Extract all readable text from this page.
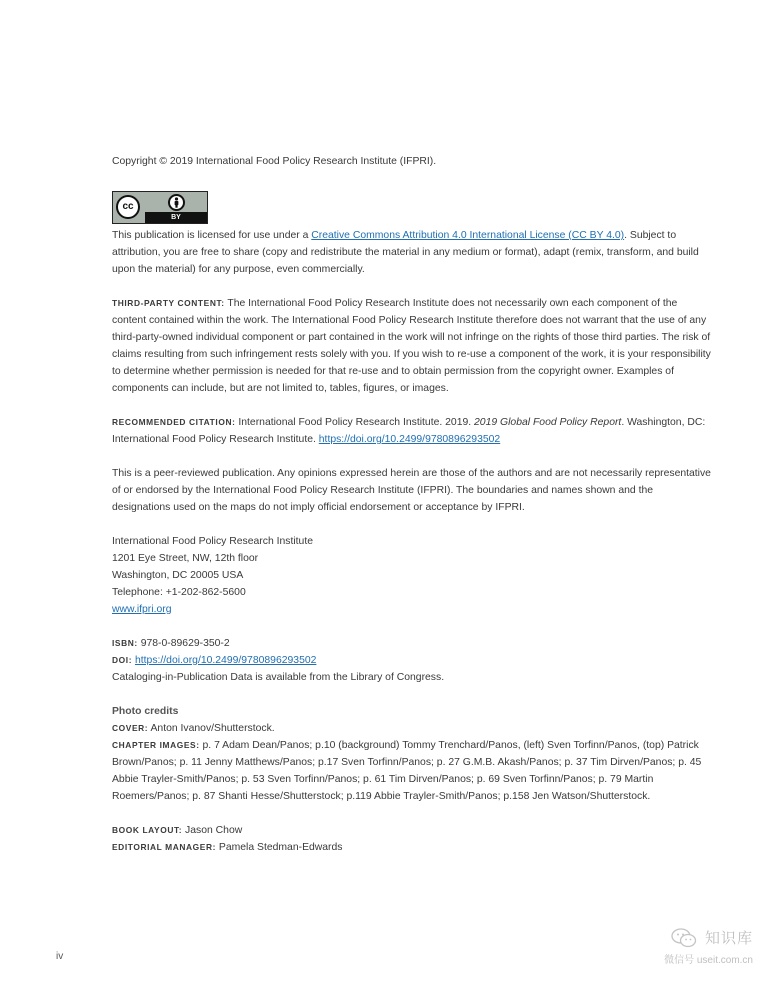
Copyright © 2019 International Food Policy Research Institute (IFPRI).

cc
BY

This publication is licensed for use under a Creative Commons Attribution 4.0 International License (CC BY 4.0). Subject to attribution, you are free to share (copy and redistribute the material in any medium or format), adapt (remix, transform, and build upon the material) for any purpose, even commercially.

THIRD-PARTY CONTENT: The International Food Policy Research Institute does not necessarily own each component of the content contained within the work. The International Food Policy Research Institute therefore does not warrant that the use of any third-party-owned individual component or part contained in the work will not infringe on the rights of those third parties. The risk of claims resulting from such infringement rests solely with you. If you wish to re-use a component of the work, it is your responsibility to determine whether permission is needed for that re-use and to obtain permission from the copyright owner. Examples of components can include, but are not limited to, tables, figures, or images.

RECOMMENDED CITATION: International Food Policy Research Institute. 2019. 2019 Global Food Policy Report. Washington, DC: International Food Policy Research Institute. https://doi.org/10.2499/9780896293502

This is a peer-reviewed publication. Any opinions expressed herein are those of the authors and are not necessarily representative of or endorsed by the International Food Policy Research Institute (IFPRI). The boundaries and names shown and the designations used on the maps do not imply official endorsement or acceptance by IFPRI.

International Food Policy Research Institute

1201 Eye Street, NW, 12th floor

Washington, DC 20005 USA

Telephone: +1-202-862-5600

www.ifpri.org

ISBN: 978-0-89629-350-2

DOI: https://doi.org/10.2499/9780896293502

Cataloging-in-Publication Data is available from the Library of Congress.

Photo credits

COVER: Anton Ivanov/Shutterstock.

CHAPTER IMAGES: p. 7 Adam Dean/Panos; p.10 (background) Tommy Trenchard/Panos, (left) Sven Torfinn/Panos, (top) Patrick Brown/Panos; p. 11 Jenny Matthews/Panos; p.17 Sven Torfinn/Panos; p. 27 G.M.B. Akash/Panos; p. 37 Tim Dirven/Panos; p. 45 Abbie Trayler-Smith/Panos; p. 53 Sven Torfinn/Panos; p. 61 Tim Dirven/Panos; p. 69 Sven Torfinn/Panos; p. 79 Martin Roemers/Panos; p. 87 Shanti Hesse/Shutterstock; p.119 Abbie Trayler-Smith/Panos; p.158 Jen Watson/Shutterstock.

BOOK LAYOUT: Jason Chow

EDITORIAL MANAGER: Pamela Stedman-Edwards

iv
知识库
微信号 useit.com.cn
